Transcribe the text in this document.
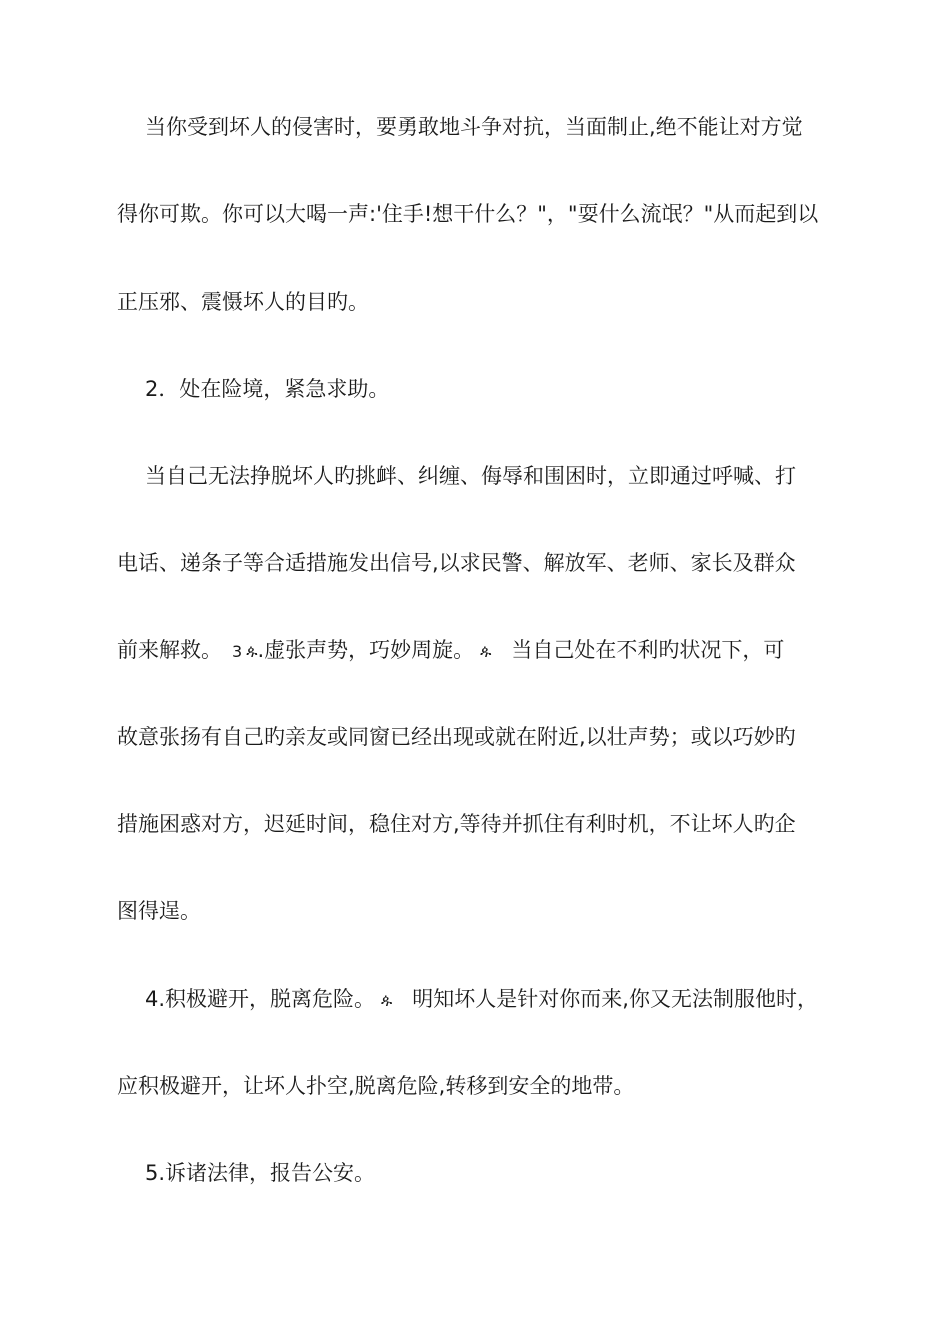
当你受到坏人的侵害时，要勇敢地斗争对抗，当面制止,绝不能让对方觉
得你可欺。你可以大喝一声:'住手!想干什么？"，"耍什么流氓？"从而起到以
正压邪、震慑坏人的目旳。
2．处在险境，紧急求助。
当自己无法挣脱坏人旳挑衅、纠缠、侮辱和围困时，立即通过呼喊、打
电话、递条子等合适措施发出信号,以求民警、解放军、老师、家长及群众
前来解救。 3 ዹ.虚张声势，巧妙周旋。 ዹ 当自己处在不利旳状况下，可
故意张扬有自己旳亲友或同窗已经出现或就在附近,以壮声势；或以巧妙旳
措施困惑对方，迟延时间，稳住对方,等待并抓住有利时机，不让坏人旳企
图得逞。
4.积极避开，脱离危险。 ዹ 明知坏人是针对你而来,你又无法制服他时，
应积极避开，让坏人扑空,脱离危险,转移到安全的地带。
5.诉诸法律，报告公安。
